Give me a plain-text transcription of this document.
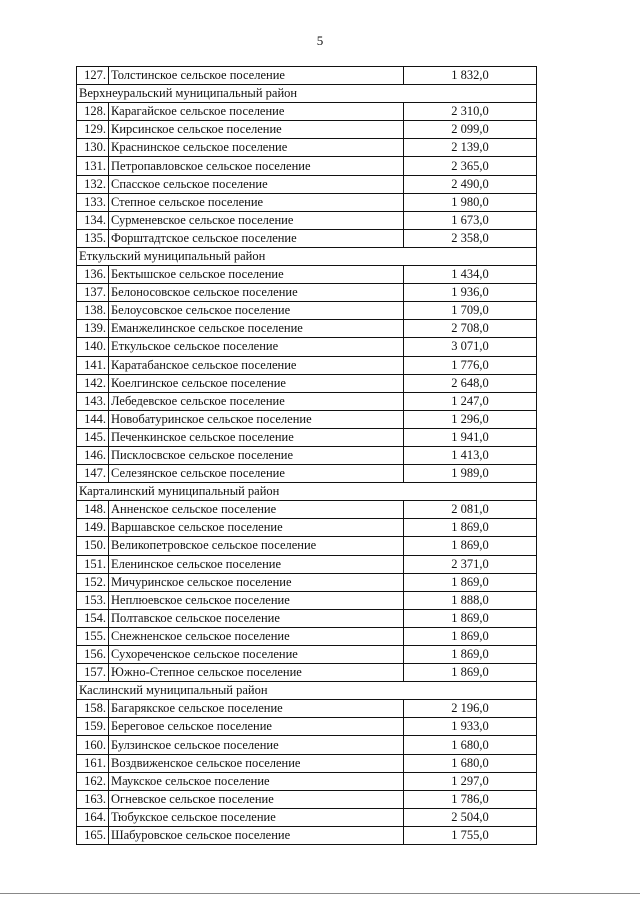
5
127.	Толстинское сельское поселение	1 832,0
Верхнеуральский муниципальный район		
128.	Карагайское сельское поселение	2 310,0
129.	Кирсинское сельское поселение	2 099,0
130.	Краснинское сельское поселение	2 139,0
131.	Петропавловское сельское поселение	2 365,0
132.	Спасское сельское поселение	2 490,0
133.	Степное сельское поселение	1 980,0
134.	Сурменевское сельское поселение	1 673,0
135.	Форштадтское сельское поселение	2 358,0
Еткульский муниципальный район		
136.	Бектышское сельское поселение	1 434,0
137.	Белоносовское сельское поселение	1 936,0
138.	Белоусовское сельское поселение	1 709,0
139.	Еманжелинское сельское поселение	2 708,0
140.	Еткульское сельское поселение	3 071,0
141.	Каратабанское сельское поселение	1 776,0
142.	Коелгинское сельское поселение	2 648,0
143.	Лебедевское сельское поселение	1 247,0
144.	Новобатуринское сельское поселение	1 296,0
145.	Печенкинское сельское поселение	1 941,0
146.	Писклосвское сельское поселение	1 413,0
147.	Селезянское сельское поселение	1 989,0
Карталинский муниципальный район		
148.	Анненское сельское поселение	2 081,0
149.	Варшавское сельское поселение	1 869,0
150.	Великопетровское сельское поселение	1 869,0
151.	Еленинское сельское поселение	2 371,0
152.	Мичуринское сельское поселение	1 869,0
153.	Неплюевское сельское поселение	1 888,0
154.	Полтавское сельское поселение	1 869,0
155.	Снежненское сельское поселение	1 869,0
156.	Сухореченское сельское поселение	1 869,0
157.	Южно-Степное сельское поселение	1 869,0
Каслинский муниципальный район		
158.	Багарякское сельское поселение	2 196,0
159.	Береговое сельское поселение	1 933,0
160.	Булзинское сельское поселение	1 680,0
161.	Воздвиженское сельское поселение	1 680,0
162.	Маукское сельское поселение	1 297,0
163.	Огневское сельское поселение	1 786,0
164.	Тюбукское сельское поселение	2 504,0
165.	Шабуровское сельское поселение	1 755,0
